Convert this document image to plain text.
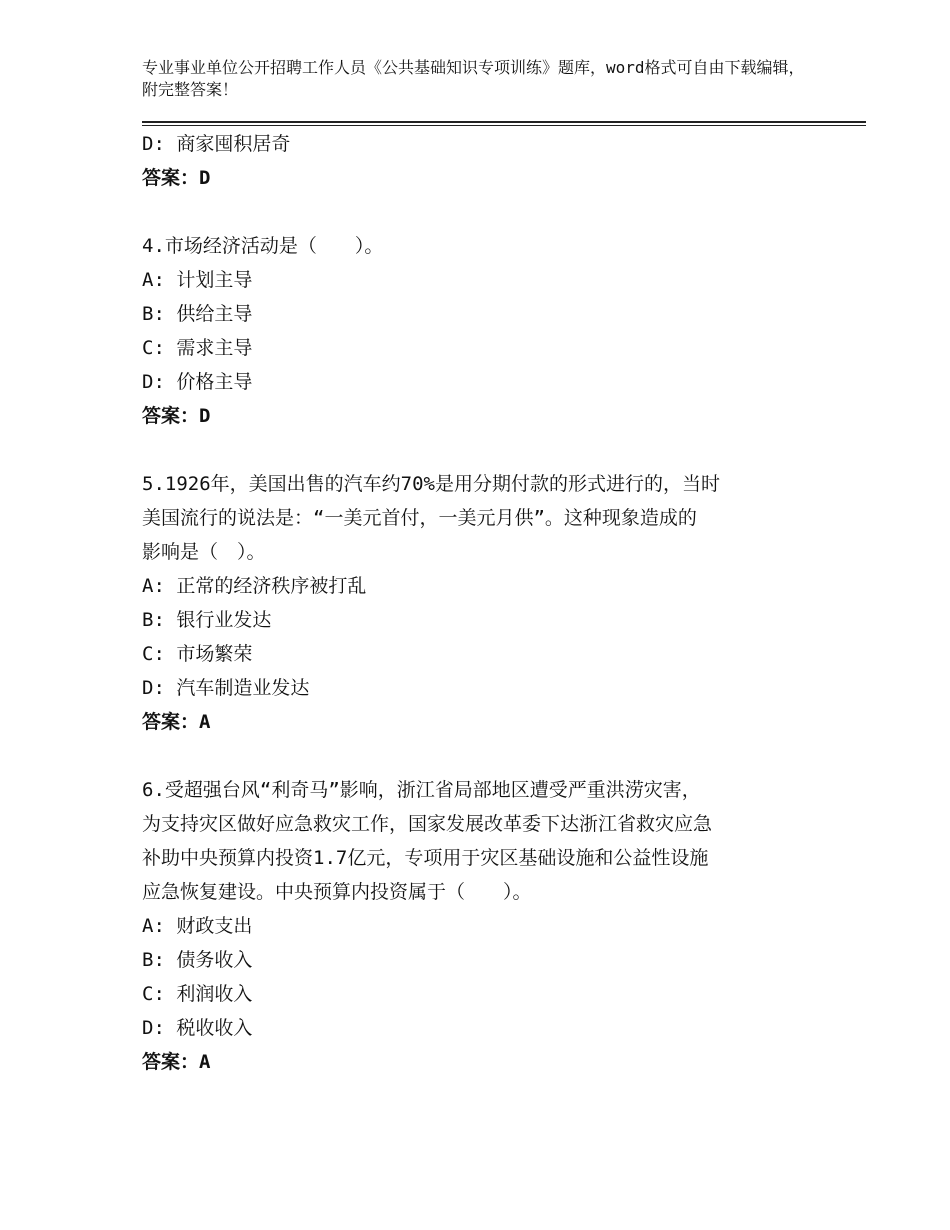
专业事业单位公开招聘工作人员《公共基础知识专项训练》题库，word格式可自由下载编辑，附完整答案！
D: 商家囤积居奇
答案：D
4.市场经济活动是（　　）。
A: 计划主导
B: 供给主导
C: 需求主导
D: 价格主导
答案：D
5.1926年，美国出售的汽车约70%是用分期付款的形式进行的，当时
美国流行的说法是：“一美元首付，一美元月供”。这种现象造成的
影响是（　）。
A: 正常的经济秩序被打乱
B: 银行业发达
C: 市场繁荣
D: 汽车制造业发达
答案：A
6.受超强台风“利奇马”影响，浙江省局部地区遭受严重洪涝灾害，
为支持灾区做好应急救灾工作，国家发展改革委下达浙江省救灾应急
补助中央预算内投资1.7亿元，专项用于灾区基础设施和公益性设施
应急恢复建设。中央预算内投资属于（　　）。
A: 财政支出
B: 债务收入
C: 利润收入
D: 税收收入
答案：A
